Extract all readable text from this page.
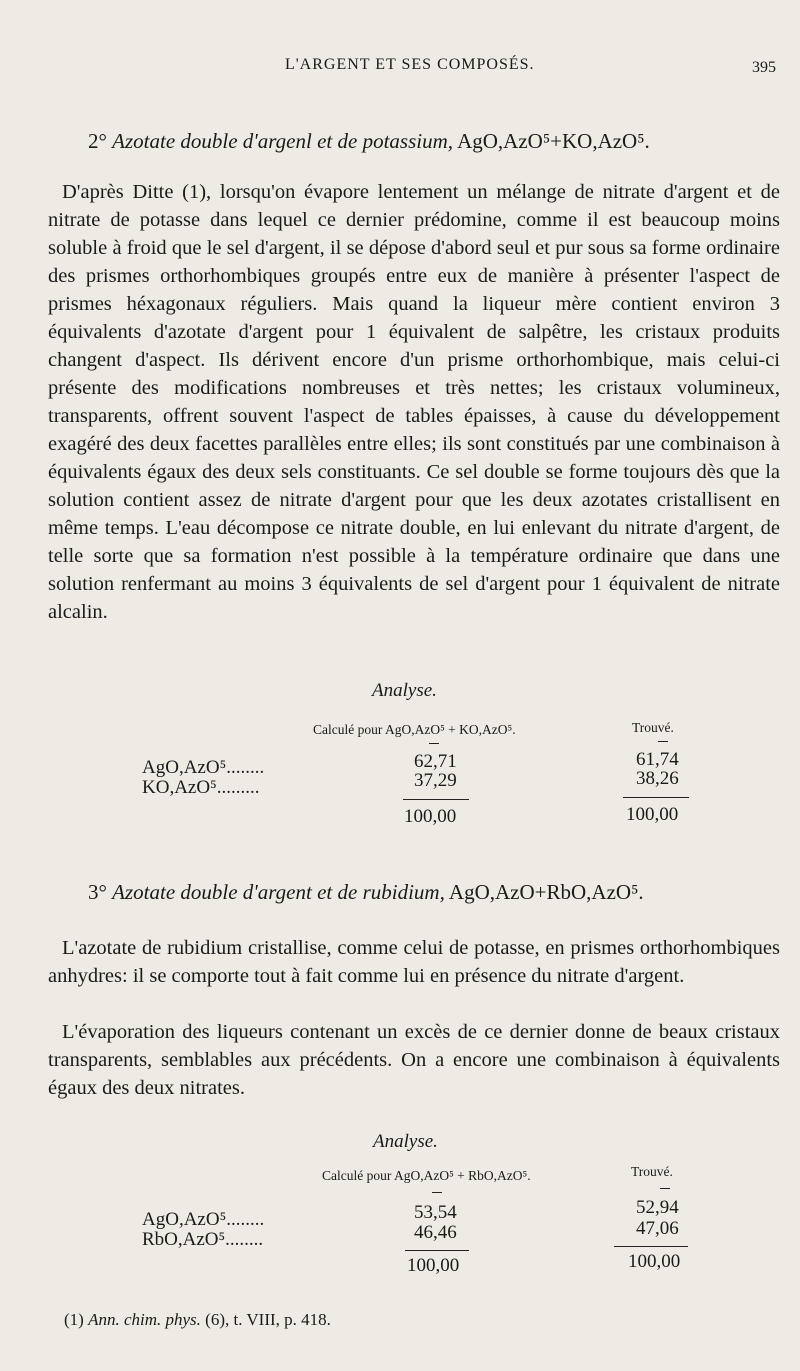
L'ARGENT ET SES COMPOSÉS.	395
2° Azotate double d'argenl et de potassium, AgO,AzO⁵+KO,AzO⁵.
D'après Ditte (1), lorsqu'on évapore lentement un mélange de nitrate d'argent et de nitrate de potasse dans lequel ce dernier prédomine, comme il est beaucoup moins soluble à froid que le sel d'argent, il se dépose d'abord seul et pur sous sa forme ordinaire des prismes orthorhombiques groupés entre eux de manière à présenter l'aspect de prismes héxagonaux réguliers. Mais quand la liqueur mère contient environ 3 équivalents d'azotate d'argent pour 1 équivalent de salpêtre, les cristaux produits changent d'aspect. Ils dérivent encore d'un prisme orthorhombique, mais celui-ci présente des modifications nombreuses et très nettes; les cristaux volumineux, transparents, offrent souvent l'aspect de tables épaisses, à cause du développement exagéré des deux facettes parallèles entre elles; ils sont constitués par une combinaison à équivalents égaux des deux sels constituants. Ce sel double se forme toujours dès que la solution contient assez de nitrate d'argent pour que les deux azotates cristallisent en même temps. L'eau décompose ce nitrate double, en lui enlevant du nitrate d'argent, de telle sorte que sa formation n'est possible à la température ordinaire que dans une solution renfermant au moins 3 équivalents de sel d'argent pour 1 équivalent de nitrate alcalin.
Analyse.
Calculé pour AgO,AzO⁵ + KO,AzO⁵.	Trouvé.
AgO,AzO⁵........	62,71	61,74
KO,AzO⁵.........	37,29	38,26
100,00	100,00
3° Azotate double d'argent et de rubidium, AgO,AzO+RbO,AzO⁵.
L'azotate de rubidium cristallise, comme celui de potasse, en prismes orthorhombiques anhydres: il se comporte tout à fait comme lui en présence du nitrate d'argent.
L'évaporation des liqueurs contenant un excès de ce dernier donne de beaux cristaux transparents, semblables aux précédents. On a encore une combinaison à équivalents égaux des deux nitrates.
Analyse.
Calculé pour AgO,AzO⁵ + RbO,AzO⁵.	Trouvé.
AgO,AzO⁵........	53,54	52,94
RbO,AzO⁵........	46,46	47,06
100,00	100,00
(1) Ann. chim. phys. (6), t. VIII, p. 418.
